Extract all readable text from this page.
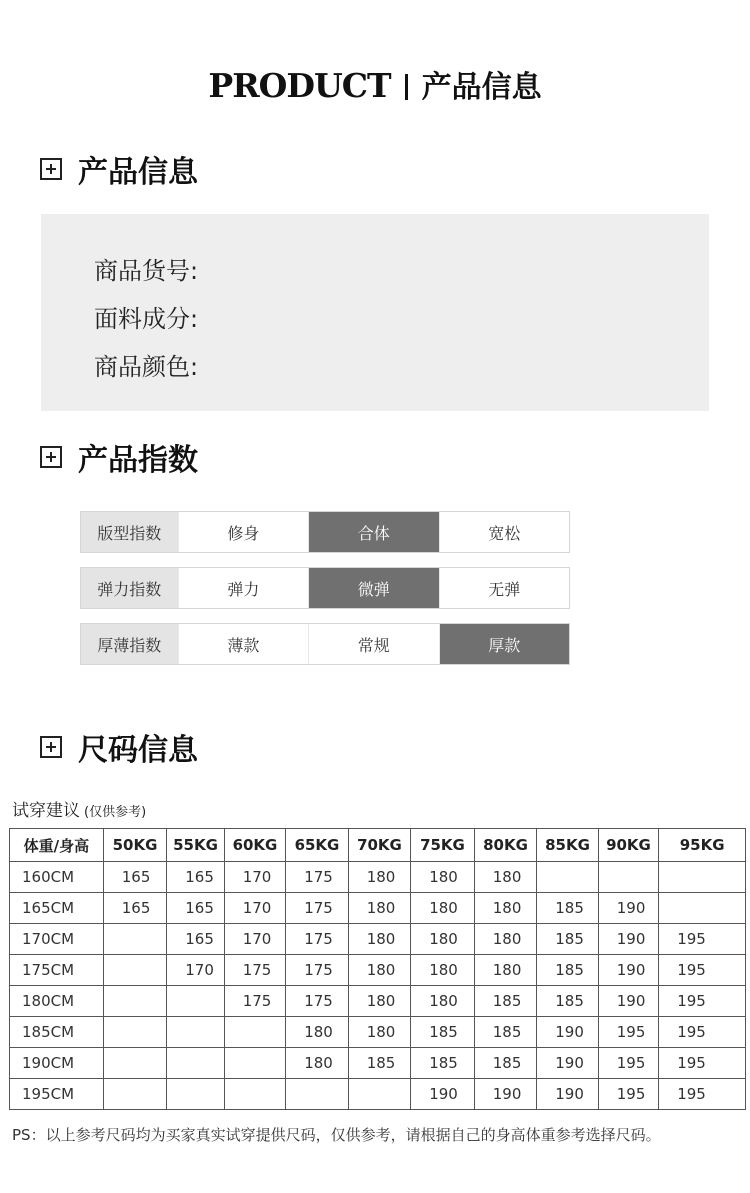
PRODUCT 产品信息
产品信息
商品货号:
面料成分:
商品颜色:
产品指数
版型指数	修身	合体	宽松
弹力指数	弹力	微弹	无弹
厚薄指数	薄款	常规	厚款
尺码信息
试穿建议 (仅供参考)
体重/身高	50KG	55KG	60KG	65KG	70KG	75KG	80KG	85KG	90KG	95KG
160CM	165	165	170	175	180	180	180			
165CM	165	165	170	175	180	180	180	185	190	
170CM		165	170	175	180	180	180	185	190	195
175CM		170	175	175	180	180	180	185	190	195
180CM			175	175	180	180	185	185	190	195
185CM				180	180	185	185	190	195	195
190CM				180	185	185	185	190	195	195
195CM						190	190	190	195	195
PS：以上参考尺码均为买家真实试穿提供尺码，仅供参考，请根据自己的身高体重参考选择尺码。
